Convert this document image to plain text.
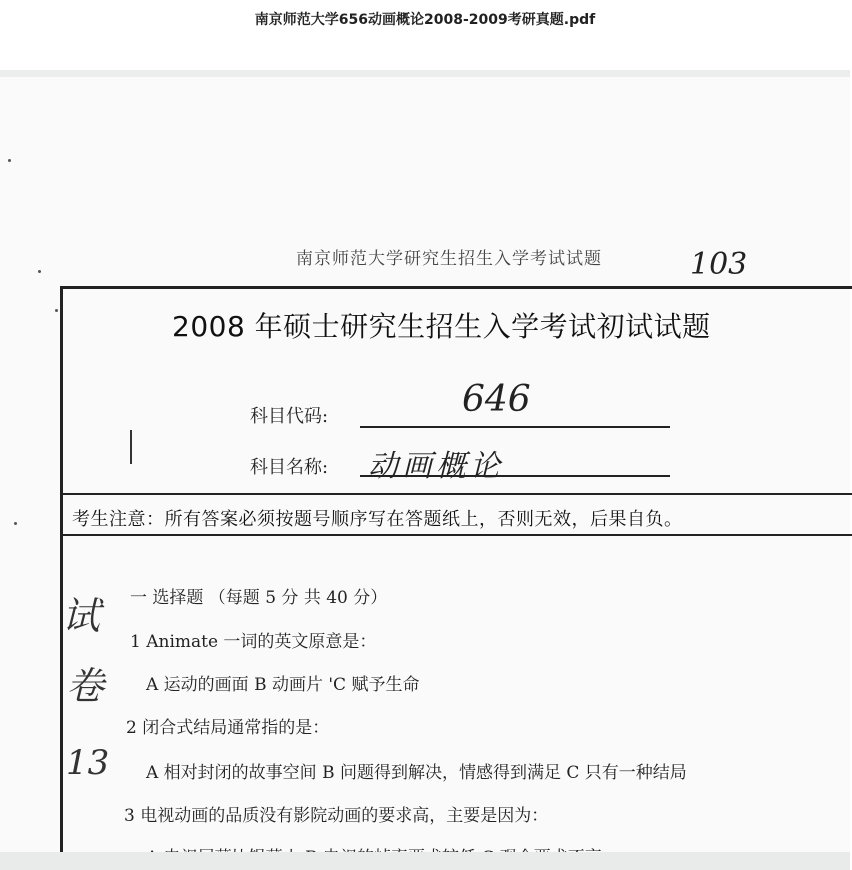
南京师范大学656动画概论2008-2009考研真题.pdf
南京师范大学研究生招生入学考试试题	103
2008 年硕士研究生招生入学考试初试试题
科目代码:	646
科目名称: 动画概论
考生注意：所有答案必须按题号顺序写在答题纸上，否则无效，后果自负。
试
卷
13
一 选择题 （每题 5 分 共 40 分）
1 Animate 一词的英文原意是：
A 运动的画面 B 动画片 'C 赋予生命
2 闭合式结局通常指的是：
A 相对封闭的故事空间 B 问题得到解决，情感得到满足 C 只有一种结局
3 电视动画的品质没有影院动画的要求高，主要是因为：
